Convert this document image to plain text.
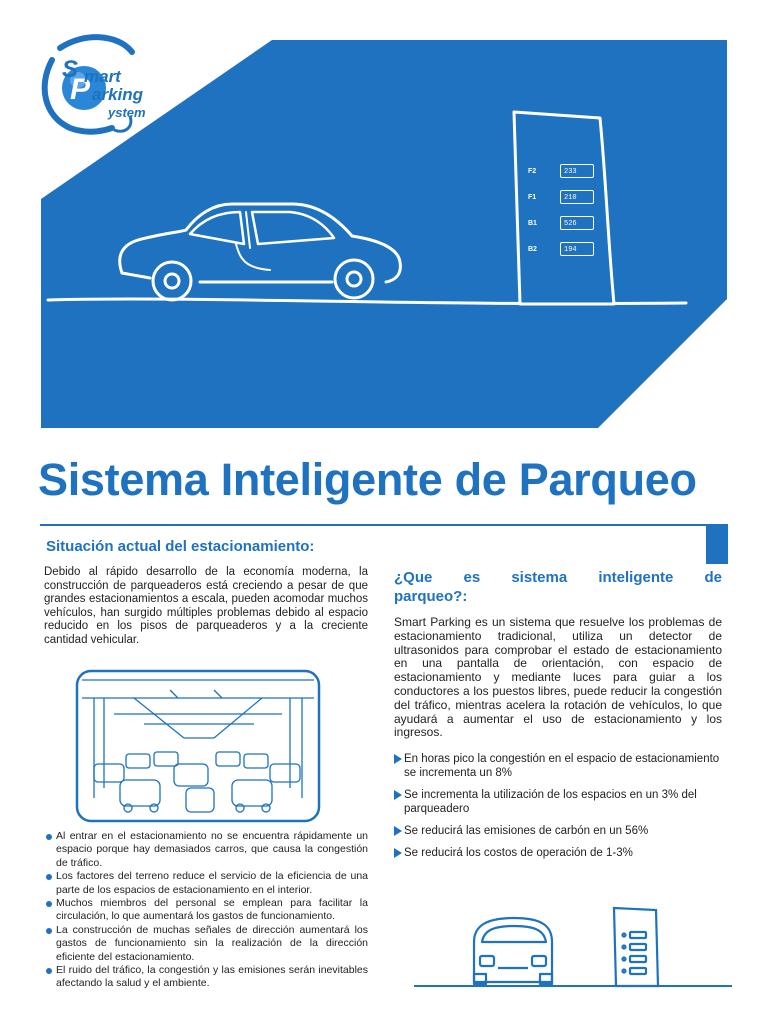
F2	233
F1	210
B1	526
B2	194
P
S mart
arking
ystem
Sistema Inteligente de Parqueo
Situación actual del estacionamiento:
Debido al rápido desarrollo de la economía moderna, la construcción de parqueaderos está creciendo a pesar de que grandes estacionamientos a escala, pueden acomodar muchos vehículos, han surgido múltiples problemas debido al espacio reducido en los pisos de parqueaderos y a la creciente cantidad vehicular.
Al entrar en el estacionamiento no se encuentra rápidamente un espacio porque hay demasiados carros, que causa la congestión de tráfico.
Los factores del terreno reduce el servicio de la eficiencia de una parte de los espacios de estacionamiento en el interior.
Muchos miembros del personal se emplean para facilitar la circulación, lo que aumentará los gastos de funcionamiento.
La construcción de muchas señales de dirección aumentará los gastos de funcionamiento sin la realización de la dirección eficiente del estacionamiento.
El ruido del tráfico, la congestión y las emisiones serán inevitables afectando la salud y el ambiente.
¿Que es sistema inteligente de parqueo?:
Smart Parking es un sistema que resuelve los problemas de estacionamiento tradicional, utiliza un detector de ultrasonidos para comprobar el estado de estacionamiento en una pantalla de orientación, con espacio de estacionamiento y mediante luces para guiar a los conductores a los puestos libres, puede reducir la congestión del tráfico, mientras acelera la rotación de vehículos, lo que ayudará a aumentar el uso de estacionamiento y los ingresos.
En horas pico la congestión en el espacio de estacionamiento se incrementa un 8%
Se incrementa la utilización de los espacios en un 3% del parqueadero
Se reducirá las emisiones de carbón en un 56%
Se reducirá los costos de operación de 1-3%
